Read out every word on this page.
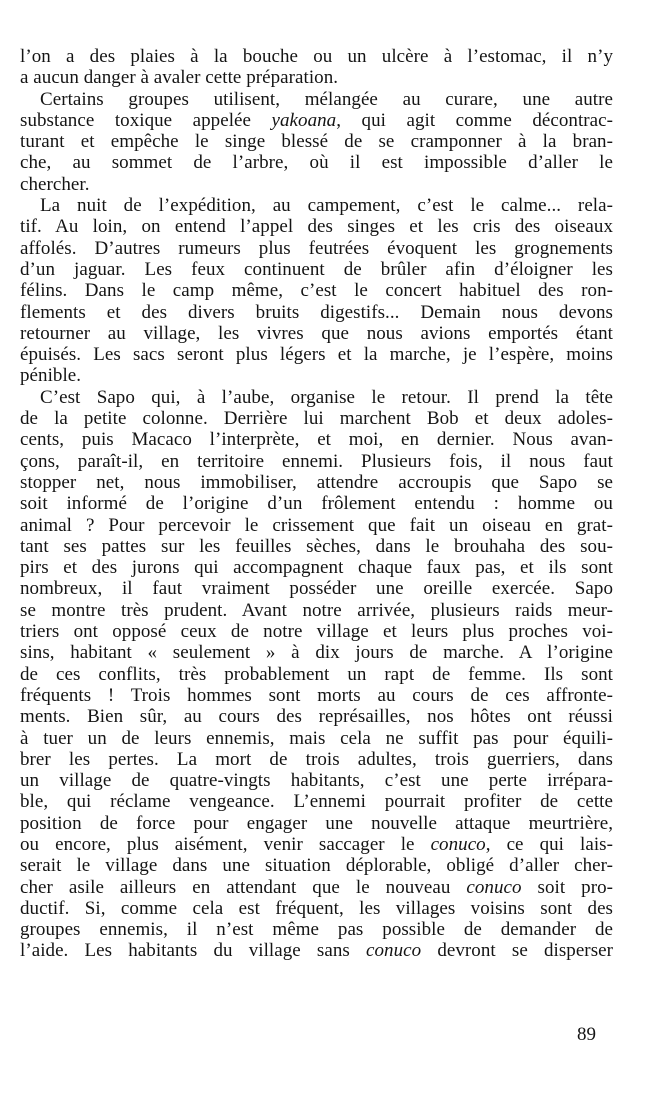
l’on a des plaies à la bouche ou un ulcère à l’estomac, il n’y
a aucun danger à avaler cette préparation.
Certains groupes utilisent, mélangée au curare, une autre
substance toxique appelée yakoana, qui agit comme décontrac-
turant et empêche le singe blessé de se cramponner à la bran-
che, au sommet de l’arbre, où il est impossible d’aller le
chercher.
La nuit de l’expédition, au campement, c’est le calme... rela-
tif. Au loin, on entend l’appel des singes et les cris des oiseaux
affolés. D’autres rumeurs plus feutrées évoquent les grognements
d’un jaguar. Les feux continuent de brûler afin d’éloigner les
félins. Dans le camp même, c’est le concert habituel des ron-
flements et des divers bruits digestifs... Demain nous devons
retourner au village, les vivres que nous avions emportés étant
épuisés. Les sacs seront plus légers et la marche, je l’espère, moins
pénible.
C’est Sapo qui, à l’aube, organise le retour. Il prend la tête
de la petite colonne. Derrière lui marchent Bob et deux adoles-
cents, puis Macaco l’interprète, et moi, en dernier. Nous avan-
çons, paraît-il, en territoire ennemi. Plusieurs fois, il nous faut
stopper net, nous immobiliser, attendre accroupis que Sapo se
soit informé de l’origine d’un frôlement entendu : homme ou
animal ? Pour percevoir le crissement que fait un oiseau en grat-
tant ses pattes sur les feuilles sèches, dans le brouhaha des sou-
pirs et des jurons qui accompagnent chaque faux pas, et ils sont
nombreux, il faut vraiment posséder une oreille exercée. Sapo
se montre très prudent. Avant notre arrivée, plusieurs raids meur-
triers ont opposé ceux de notre village et leurs plus proches voi-
sins, habitant « seulement » à dix jours de marche. A l’origine
de ces conflits, très probablement un rapt de femme. Ils sont
fréquents ! Trois hommes sont morts au cours de ces affronte-
ments. Bien sûr, au cours des représailles, nos hôtes ont réussi
à tuer un de leurs ennemis, mais cela ne suffit pas pour équili-
brer les pertes. La mort de trois adultes, trois guerriers, dans
un village de quatre-vingts habitants, c’est une perte irrépara-
ble, qui réclame vengeance. L’ennemi pourrait profiter de cette
position de force pour engager une nouvelle attaque meurtrière,
ou encore, plus aisément, venir saccager le conuco, ce qui lais-
serait le village dans une situation déplorable, obligé d’aller cher-
cher asile ailleurs en attendant que le nouveau conuco soit pro-
ductif. Si, comme cela est fréquent, les villages voisins sont des
groupes ennemis, il n’est même pas possible de demander de
l’aide. Les habitants du village sans conuco devront se disperser
89
